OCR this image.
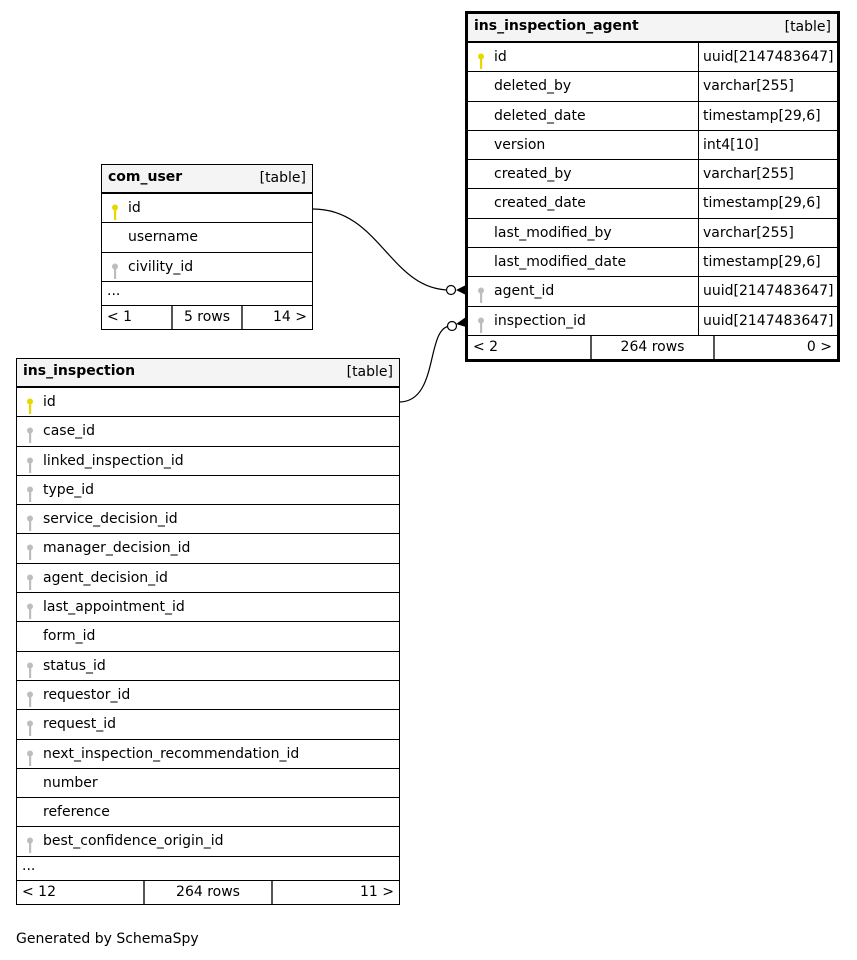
ins_inspection_agent	[table]
id	uuid[2147483647]
deleted_by	varchar[255]
deleted_date	timestamp[29,6]
version	int4[10]
created_by	varchar[255]
created_date	timestamp[29,6]
last_modified_by	varchar[255]
last_modified_date	timestamp[29,6]
agent_id	uuid[2147483647]
inspection_id	uuid[2147483647]
< 2	264 rows	0 >
com_user	[table]
id
username
civility_id
...
< 1	5 rows	14 >
ins_inspection	[table]
id
case_id
linked_inspection_id
type_id
service_decision_id
manager_decision_id
agent_decision_id
last_appointment_id
form_id
status_id
requestor_id
request_id
next_inspection_recommendation_id
number
reference
best_confidence_origin_id
...
< 12	264 rows	11 >
Generated by SchemaSpy
